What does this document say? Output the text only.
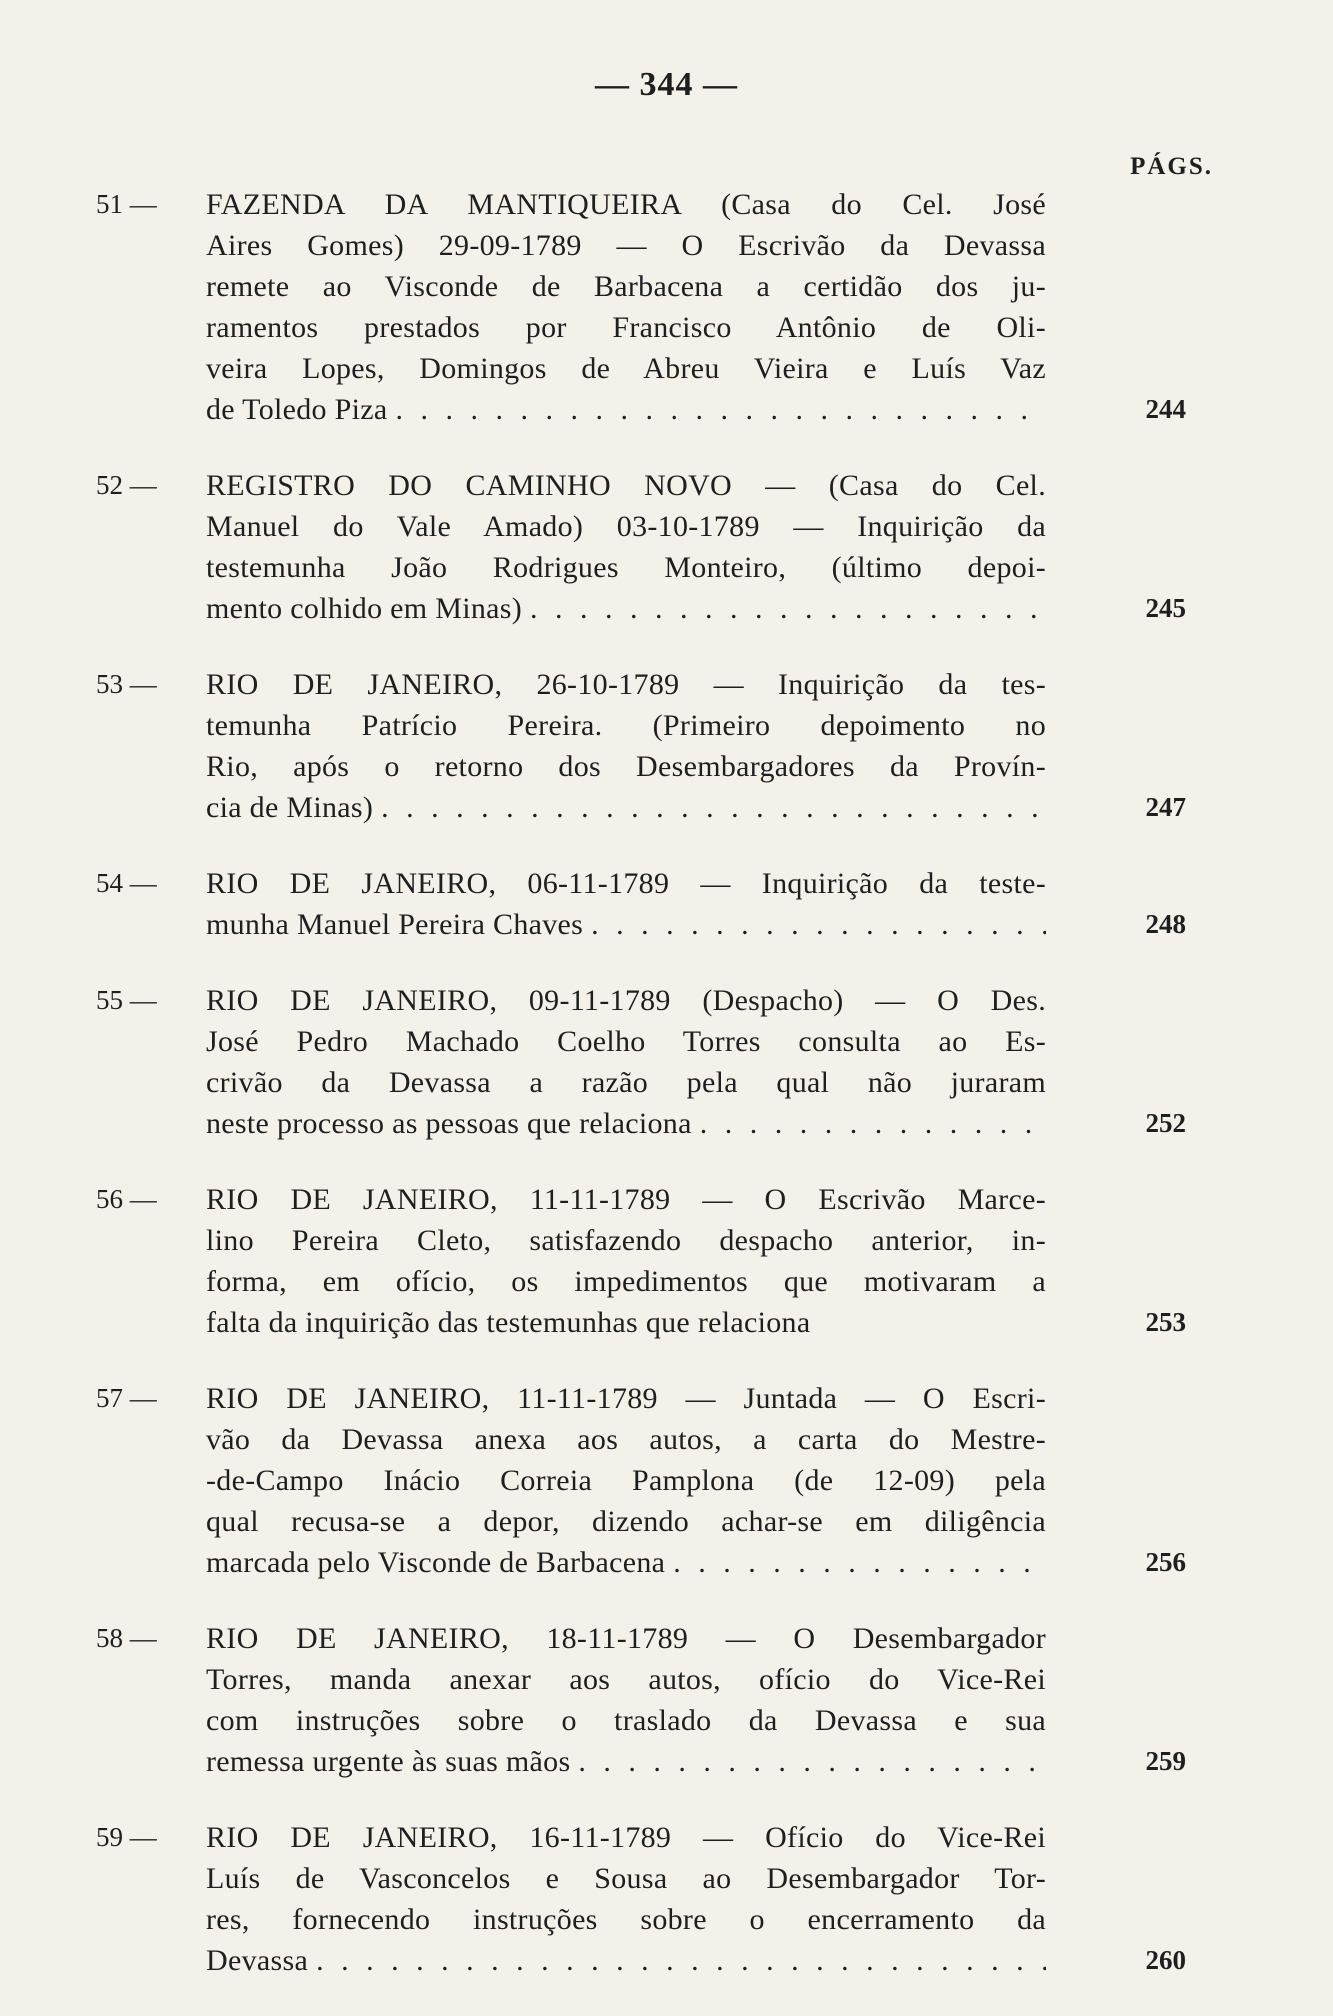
— 344 —
PÁGS.
51 —	FAZENDA DA MANTIQUEIRA (Casa do Cel. José
Aires Gomes) 29-09-1789 — O Escrivão da Devassa
remete ao Visconde de Barbacena a certidão dos ju-
ramentos prestados por Francisco Antônio de Oli-
veira Lopes, Domingos de Abreu Vieira e Luís Vaz
de Toledo Piza . . .	244
52 —	REGISTRO DO CAMINHO NOVO — (Casa do Cel.
Manuel do Vale Amado) 03-10-1789 — Inquirição da
testemunha João Rodrigues Monteiro, (último depoi-
mento colhido em Minas) . . .	245
53 —	RIO DE JANEIRO, 26-10-1789 — Inquirição da tes-
temunha Patrício Pereira. (Primeiro depoimento no
Rio, após o retorno dos Desembargadores da Provín-
cia de Minas) . . .	247
54 —	RIO DE JANEIRO, 06-11-1789 — Inquirição da teste-
munha Manuel Pereira Chaves . . .	248
55 —	RIO DE JANEIRO, 09-11-1789 (Despacho) — O Des.
José Pedro Machado Coelho Torres consulta ao Es-
crivão da Devassa a razão pela qual não juraram
neste processo as pessoas que relaciona . . .	252
56 —	RIO DE JANEIRO, 11-11-1789 — O Escrivão Marce-
lino Pereira Cleto, satisfazendo despacho anterior, in-
forma, em ofício, os impedimentos que motivaram a
falta da inquirição das testemunhas que relaciona	253
57 —	RIO DE JANEIRO, 11-11-1789 — Juntada — O Escri-
vão da Devassa anexa aos autos, a carta do Mestre-
-de-Campo Inácio Correia Pamplona (de 12-09) pela
qual recusa-se a depor, dizendo achar-se em diligência
marcada pelo Visconde de Barbacena . . .	256
58 —	RIO DE JANEIRO, 18-11-1789 — O Desembargador
Torres, manda anexar aos autos, ofício do Vice-Rei
com instruções sobre o traslado da Devassa e sua
remessa urgente às suas mãos . . .	259
59 —	RIO DE JANEIRO, 16-11-1789 — Ofício do Vice-Rei
Luís de Vasconcelos e Sousa ao Desembargador Tor-
res, fornecendo instruções sobre o encerramento da
Devassa . . .	260
